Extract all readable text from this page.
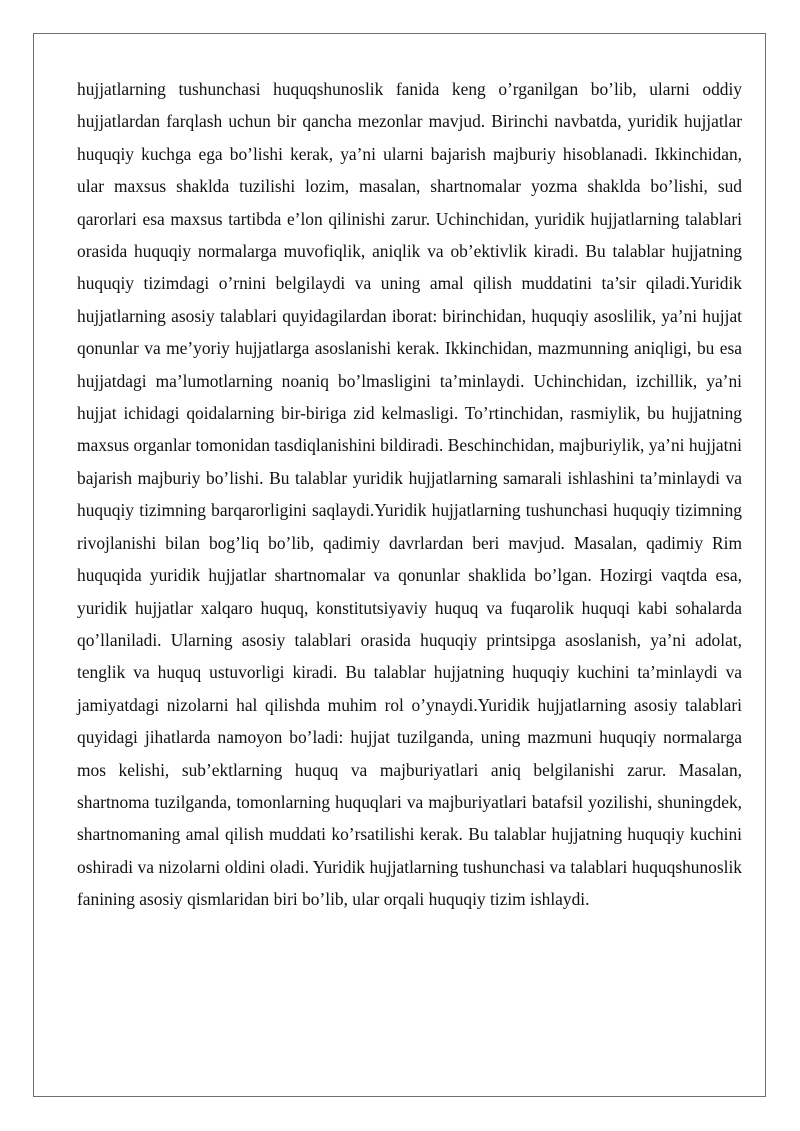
hujjatlarning tushunchasi huquqshunoslik fanida keng o’rganilgan bo’lib, ularni oddiy hujjatlardan farqlash uchun bir qancha mezonlar mavjud. Birinchi navbatda, yuridik hujjatlar huquqiy kuchga ega bo’lishi kerak, ya’ni ularni bajarish majburiy hisoblanadi. Ikkinchidan, ular maxsus shaklda tuzilishi lozim, masalan, shartnomalar yozma shaklda bo’lishi, sud qarorlari esa maxsus tartibda e’lon qilinishi zarur. Uchinchidan, yuridik hujjatlarning talablari orasida huquqiy normalarga muvofiqlik, aniqlik va ob’ektivlik kiradi. Bu talablar hujjatning huquqiy tizimdagi o’rnini belgilaydi va uning amal qilish muddatini ta’sir qiladi.Yuridik hujjatlarning asosiy talablari quyidagilardan iborat: birinchidan, huquqiy asoslilik, ya’ni hujjat qonunlar va me’yoriy hujjatlarga asoslanishi kerak. Ikkinchidan, mazmunning aniqligi, bu esa hujjatdagi ma’lumotlarning noaniq bo’lmasligini ta’minlaydi. Uchinchidan, izchillik, ya’ni hujjat ichidagi qoidalarning bir-biriga zid kelmasligi. To’rtinchidan, rasmiylik, bu hujjatning maxsus organlar tomonidan tasdiqlanishini bildiradi. Beschinchidan, majburiylik, ya’ni hujjatni bajarish majburiy bo’lishi. Bu talablar yuridik hujjatlarning samarali ishlashini ta’minlaydi va huquqiy tizimning barqarorligini saqlaydi.Yuridik hujjatlarning tushunchasi huquqiy tizimning rivojlanishi bilan bog’liq bo’lib, qadimiy davrlardan beri mavjud. Masalan, qadimiy Rim huquqida yuridik hujjatlar shartnomalar va qonunlar shaklida bo’lgan. Hozirgi vaqtda esa, yuridik hujjatlar xalqaro huquq, konstitutsiyaviy huquq va fuqarolik huquqi kabi sohalarda qo’llaniladi. Ularning asosiy talablari orasida huquqiy printsipga asoslanish, ya’ni adolat, tenglik va huquq ustuvorligi kiradi. Bu talablar hujjatning huquqiy kuchini ta’minlaydi va jamiyatdagi nizolarni hal qilishda muhim rol o’ynaydi.Yuridik hujjatlarning asosiy talablari quyidagi jihatlarda namoyon bo’ladi: hujjat tuzilganda, uning mazmuni huquqiy normalarga mos kelishi, sub’ektlarning huquq va majburiyatlari aniq belgilanishi zarur. Masalan, shartnoma tuzilganda, tomonlarning huquqlari va majburiyatlari batafsil yozilishi, shuningdek, shartnomaning amal qilish muddati ko’rsatilishi kerak. Bu talablar hujjatning huquqiy kuchini oshiradi va nizolarni oldini oladi. Yuridik hujjatlarning tushunchasi va talablari huquqshunoslik fanining asosiy qismlaridan biri bo’lib, ular orqali huquqiy tizim ishlaydi.
